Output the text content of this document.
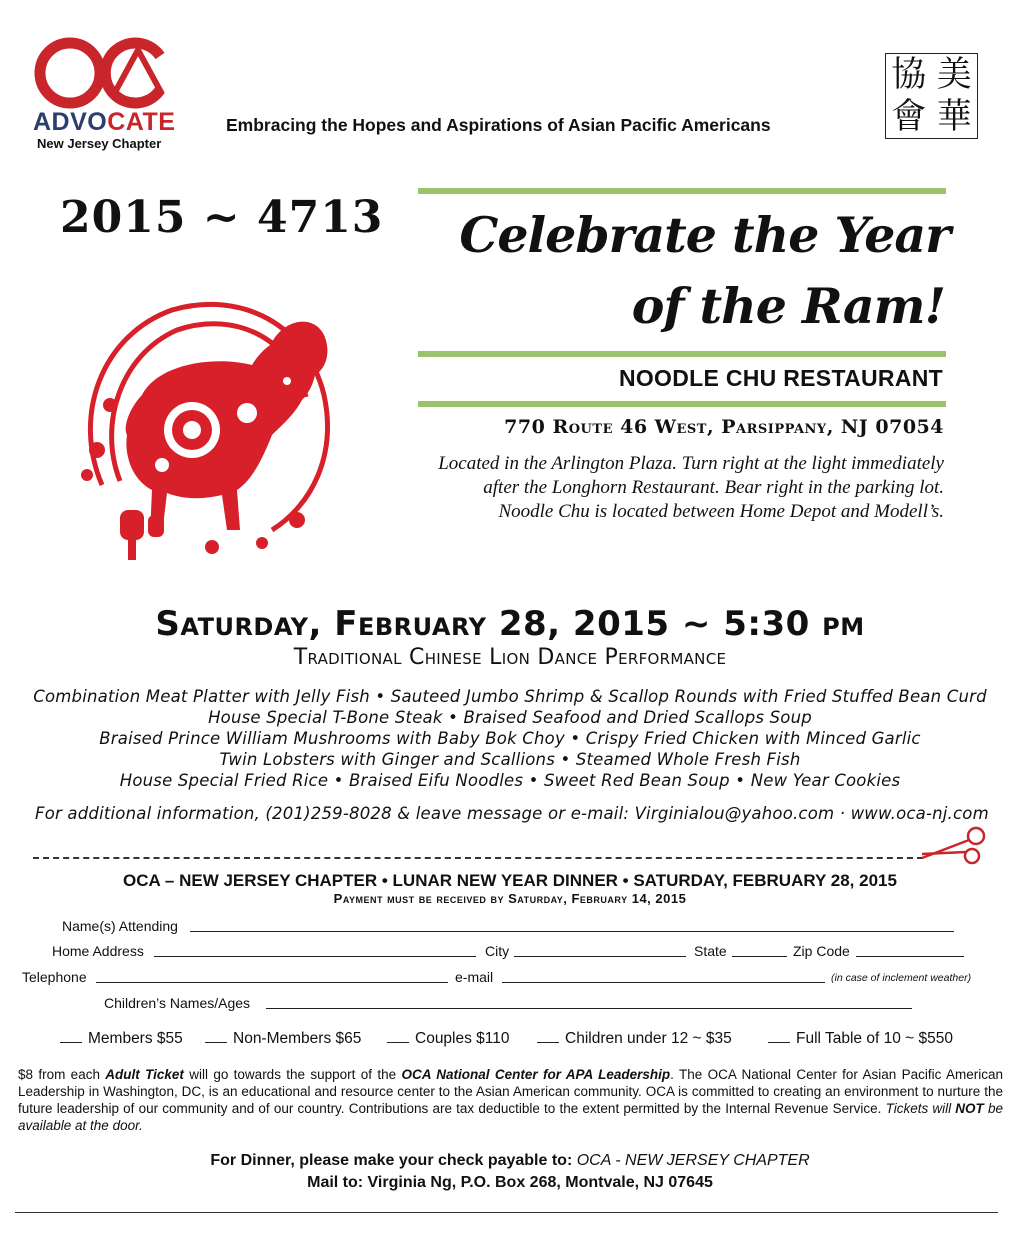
ADVOCATE
New Jersey Chapter
Embracing the Hopes and Aspirations of Asian Pacific Americans
協 美
會 華
2015 ~ 4713 Celebrate the Year
of the Ram!
NOODLE CHU RESTAURANT
770 Route 46 West, Parsippany, NJ 07054
Located in the Arlington Plaza. Turn right at the light immediately after the Longhorn Restaurant. Bear right in the parking lot. Noodle Chu is located between Home Depot and Modell’s.
Saturday, February 28, 2015 ~ 5:30 pm
Traditional Chinese Lion Dance Performance
Combination Meat Platter with Jelly Fish • Sauteed Jumbo Shrimp & Scallop Rounds with Fried Stuffed Bean Curd
House Special T-Bone Steak • Braised Seafood and Dried Scallops Soup
Braised Prince William Mushrooms with Baby Bok Choy • Crispy Fried Chicken with Minced Garlic
Twin Lobsters with Ginger and Scallions • Steamed Whole Fresh Fish
House Special Fried Rice • Braised Eifu Noodles • Sweet Red Bean Soup • New Year Cookies
For additional information, (201)259-8028 & leave message or e-mail: Virginialou@yahoo.com · www.oca-nj.com
OCA – NEW JERSEY CHAPTER • LUNAR NEW YEAR DINNER • SATURDAY, FEBRUARY 28, 2015
Payment must be received by Saturday, February 14, 2015
Name(s) Attending
Home Address	City	State	Zip Code
Telephone	e-mail	(in case of inclement weather)
Children’s Names/Ages
Members $55	Non-Members $65	Couples $110	Children under 12 ~ $35	Full Table of 10 ~ $550
$8 from each Adult Ticket will go towards the support of the OCA National Center for APA Leadership. The OCA National Center for Asian Pacific American Leadership in Washington, DC, is an educational and resource center to the Asian American community. OCA is committed to creating an environment to nurture the future leadership of our community and of our country. Contributions are tax deductible to the extent permitted by the Internal Revenue Service. Tickets will NOT be available at the door.
For Dinner, please make your check payable to: OCA - NEW JERSEY CHAPTER
Mail to: Virginia Ng, P.O. Box 268, Montvale, NJ 07645
